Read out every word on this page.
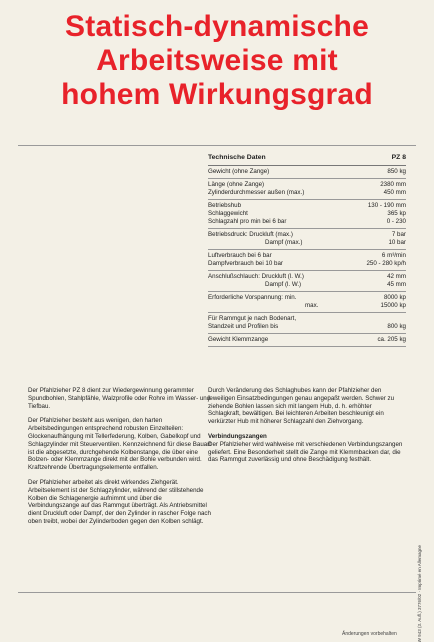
Statisch-dynamische
Arbeitsweise mit
hohem Wirkungsgrad
Technische Daten	PZ 8
Gewicht (ohne Zange)	850 kg
Länge (ohne Zange)	2380 mm
Zylinderdurchmesser außen (max.)	450 mm
Betriebshub	130 - 190 mm
Schlaggewicht	365 kp
Schlagzahl pro min bei 6 bar	0 - 230
Betriebsdruck: Druckluft (max.)	7 bar
Dampf (max.)	10 bar
Luftverbrauch bei 6 bar	6 m³/min
Dampfverbrauch bei 10 bar	250 - 280 kp/h
Anschlußschlauch: Druckluft (l. W.)	42 mm
Dampf (l. W.)	45 mm
Erforderliche Vorspannung: min.	8000 kp
max.	15000 kp
Für Rammgut je nach Bodenart,
Standzeit und Profilen bis	800 kg
Gewicht Klemmzange	ca. 205 kg

Der Pfahlzieher PZ 8 dient zur Wiedergewinnung gerammter Spundbohlen, Stahlpfähle, Walzprofile oder Rohre im Wasser- und Tiefbau.

Der Pfahlzieher besteht aus wenigen, den harten Arbeitsbedingungen entsprechend robusten Einzelteilen: Glockenaufhängung mit Tellerfederung, Kolben, Gabelkopf und Schlagzylinder mit Steuerventilen. Kennzeichnend für diese Bauart ist die abgesetzte, durchgehende Kolbenstange, die über eine Bolzen- oder Klemmzange direkt mit der Bohle verbunden wird. Kraftzehrende Übertragungselemente entfallen.

Der Pfahlzieher arbeitet als direkt wirkendes Ziehgerät. Arbeitselement ist der Schlagzylinder, während der stillstehende Kolben die Schlagenergie aufnimmt und über die Verbindungszange auf das Rammgut überträgt. Als Antriebsmittel dient Druckluft oder Dampf, der den Zylinder in rascher Folge nach oben treibt, wobei der Zylinderboden gegen den Kolben schlägt.

Durch Veränderung des Schlaghubes kann der Pfahlzieher den jeweiligen Einsatzbedingungen genau angepaßt werden. Schwer zu ziehende Bohlen lassen sich mit langem Hub, d. h. erhöhter Schlagkraft, bewältigen. Bei leichteren Arbeiten beschleunigt ein verkürzter Hub mit höherer Schlagzahl den Ziehvorgang.

Verbindungszangen

Der Pfahlzieher wird wahlweise mit verschiedenen Verbindungszangen geliefert. Eine Besonderheit stellt die Zange mit Klemmbacken dar, die das Rammgut zuverlässig und ohne Beschädigung festhält.

W 943 (3. Aufl.) 3776/02 · Imprimé en Allemagne
Änderungen vorbehalten
